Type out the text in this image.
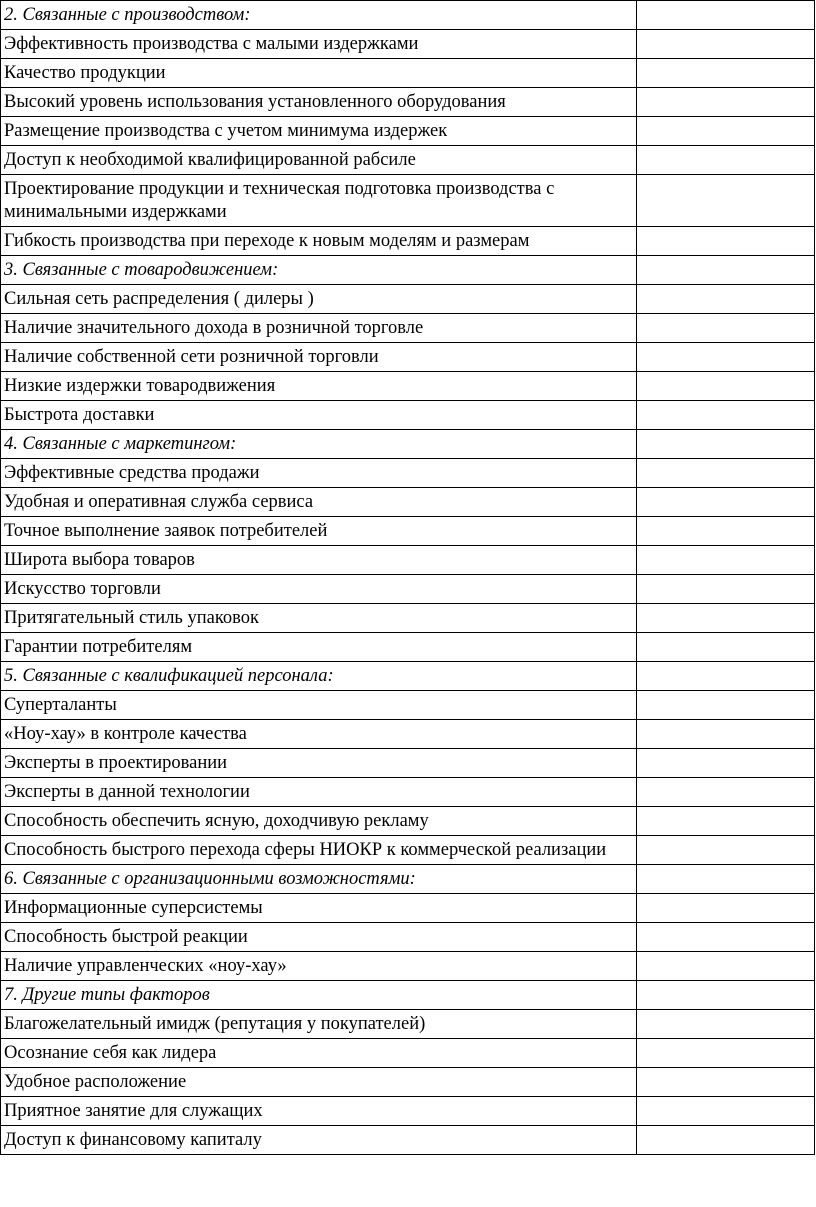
2. Связанные с производством:	
Эффективность производства с малыми издержками	
Качество продукции	
Высокий уровень использования установленного оборудования	
Размещение производства с учетом минимума издержек	
Доступ к необходимой квалифицированной рабсиле	
Проектирование продукции и техническая подготовка производства с минимальными издержками	
Гибкость производства при переходе к новым моделям и размерам	
3. Связанные с товародвижением:	
Сильная сеть распределения ( дилеры )	
Наличие значительного дохода в розничной торговле	
Наличие собственной сети розничной торговли	
Низкие издержки товародвижения	
Быстрота доставки	
4. Связанные с маркетингом:	
Эффективные средства продажи	
Удобная и оперативная служба сервиса	
Точное выполнение заявок потребителей	
Широта выбора товаров	
Искусство торговли	
Притягательный стиль упаковок	
Гарантии потребителям	
5. Связанные с квалификацией персонала:	
Суперталанты	
«Ноу-хау» в контроле качества	
Эксперты в проектировании	
Эксперты в данной технологии	
Способность обеспечить ясную, доходчивую рекламу	
Способность быстрого перехода сферы НИОКР к коммерческой реализации	
6. Связанные с организационными возможностями:	
Информационные суперсистемы	
Способность быстрой реакции	
Наличие управленческих «ноу-хау»	
7. Другие типы факторов	
Благожелательный имидж (репутация у покупателей)	
Осознание себя как лидера	
Удобное расположение	
Приятное занятие для служащих	
Доступ к финансовому капиталу	
